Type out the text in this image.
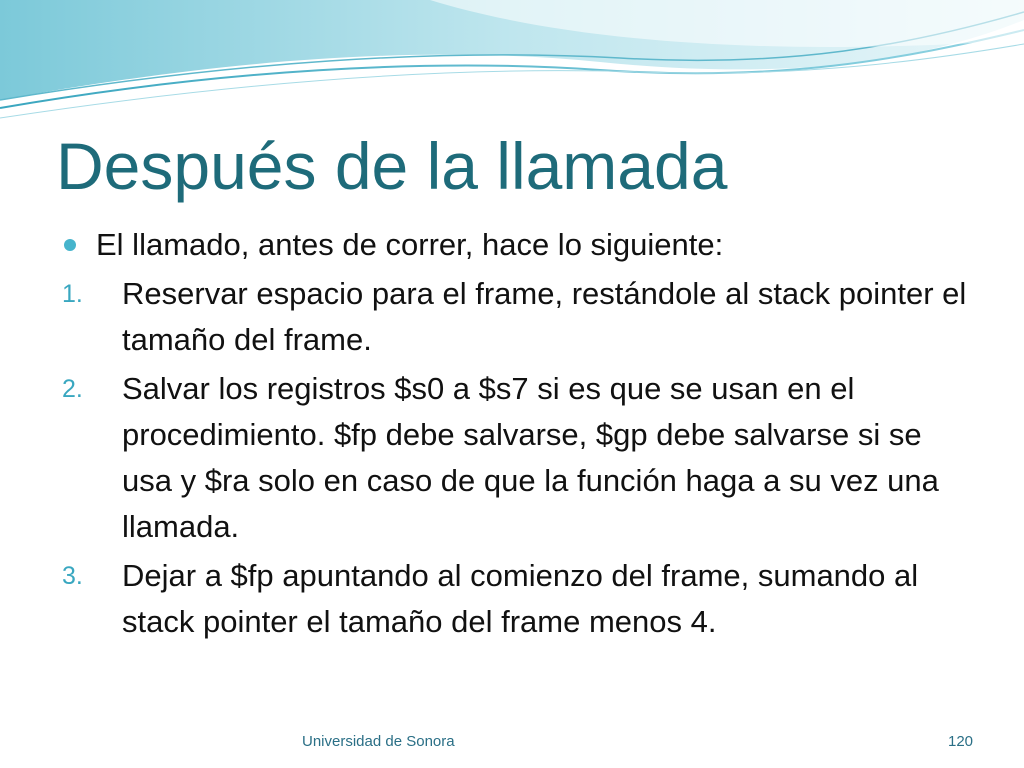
Después de la llamada
El llamado, antes de correr, hace lo siguiente:
1.	Reservar espacio para el frame, restándole al stack pointer el tamaño del frame.
2.	Salvar los registros $s0 a $s7 si es que se usan en el procedimiento. $fp debe salvarse, $gp debe salvarse si se usa y $ra solo en caso de que la función haga a su vez una llamada.
3.	Dejar a $fp apuntando al comienzo del frame, sumando al stack pointer el tamaño del frame menos 4.
Universidad de Sonora	120
